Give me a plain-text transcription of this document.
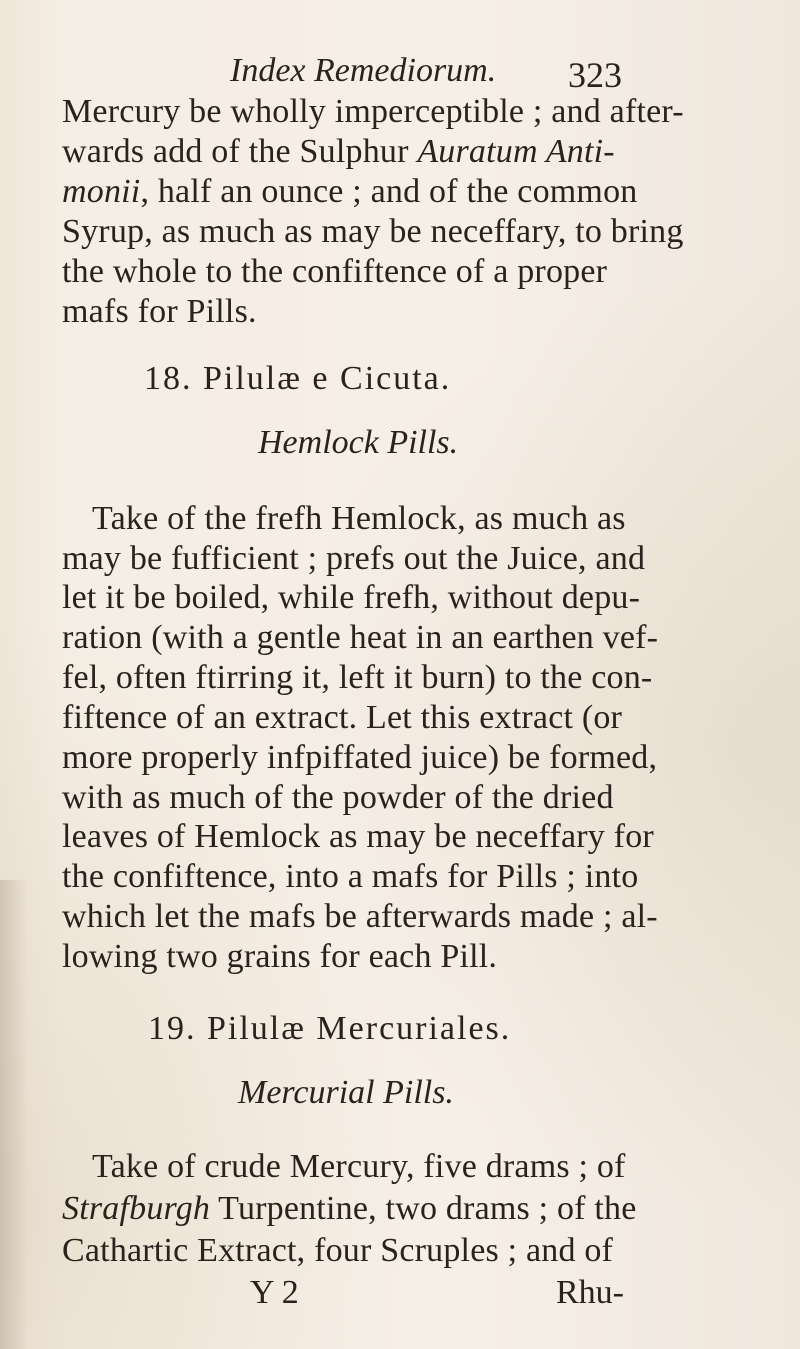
Index Remediorum. 323
Mercury be wholly imperceptible ; and after-
wards add of the Sulphur Auratum Anti-
monii, half an ounce ; and of the common
Syrup, as much as may be neceffary, to bring
the whole to the confiftence of a proper
mafs for Pills.
18. Pilulæ e Cicuta.
Hemlock Pills.
Take of the frefh Hemlock, as much as
may be fufficient ; prefs out the Juice, and
let it be boiled, while frefh, without depu-
ration (with a gentle heat in an earthen vef-
fel, often ftirring it, left it burn) to the con-
fiftence of an extract. Let this extract (or
more properly infpiffated juice) be formed,
with as much of the powder of the dried
leaves of Hemlock as may be neceffary for
the confiftence, into a mafs for Pills ; into
which let the mafs be afterwards made ; al-
lowing two grains for each Pill.
19. Pilulæ Mercuriales.
Mercurial Pills.
Take of crude Mercury, five drams ; of
Strafburgh Turpentine, two drams ; of the
Cathartic Extract, four Scruples ; and of
Y 2	Rhu-
